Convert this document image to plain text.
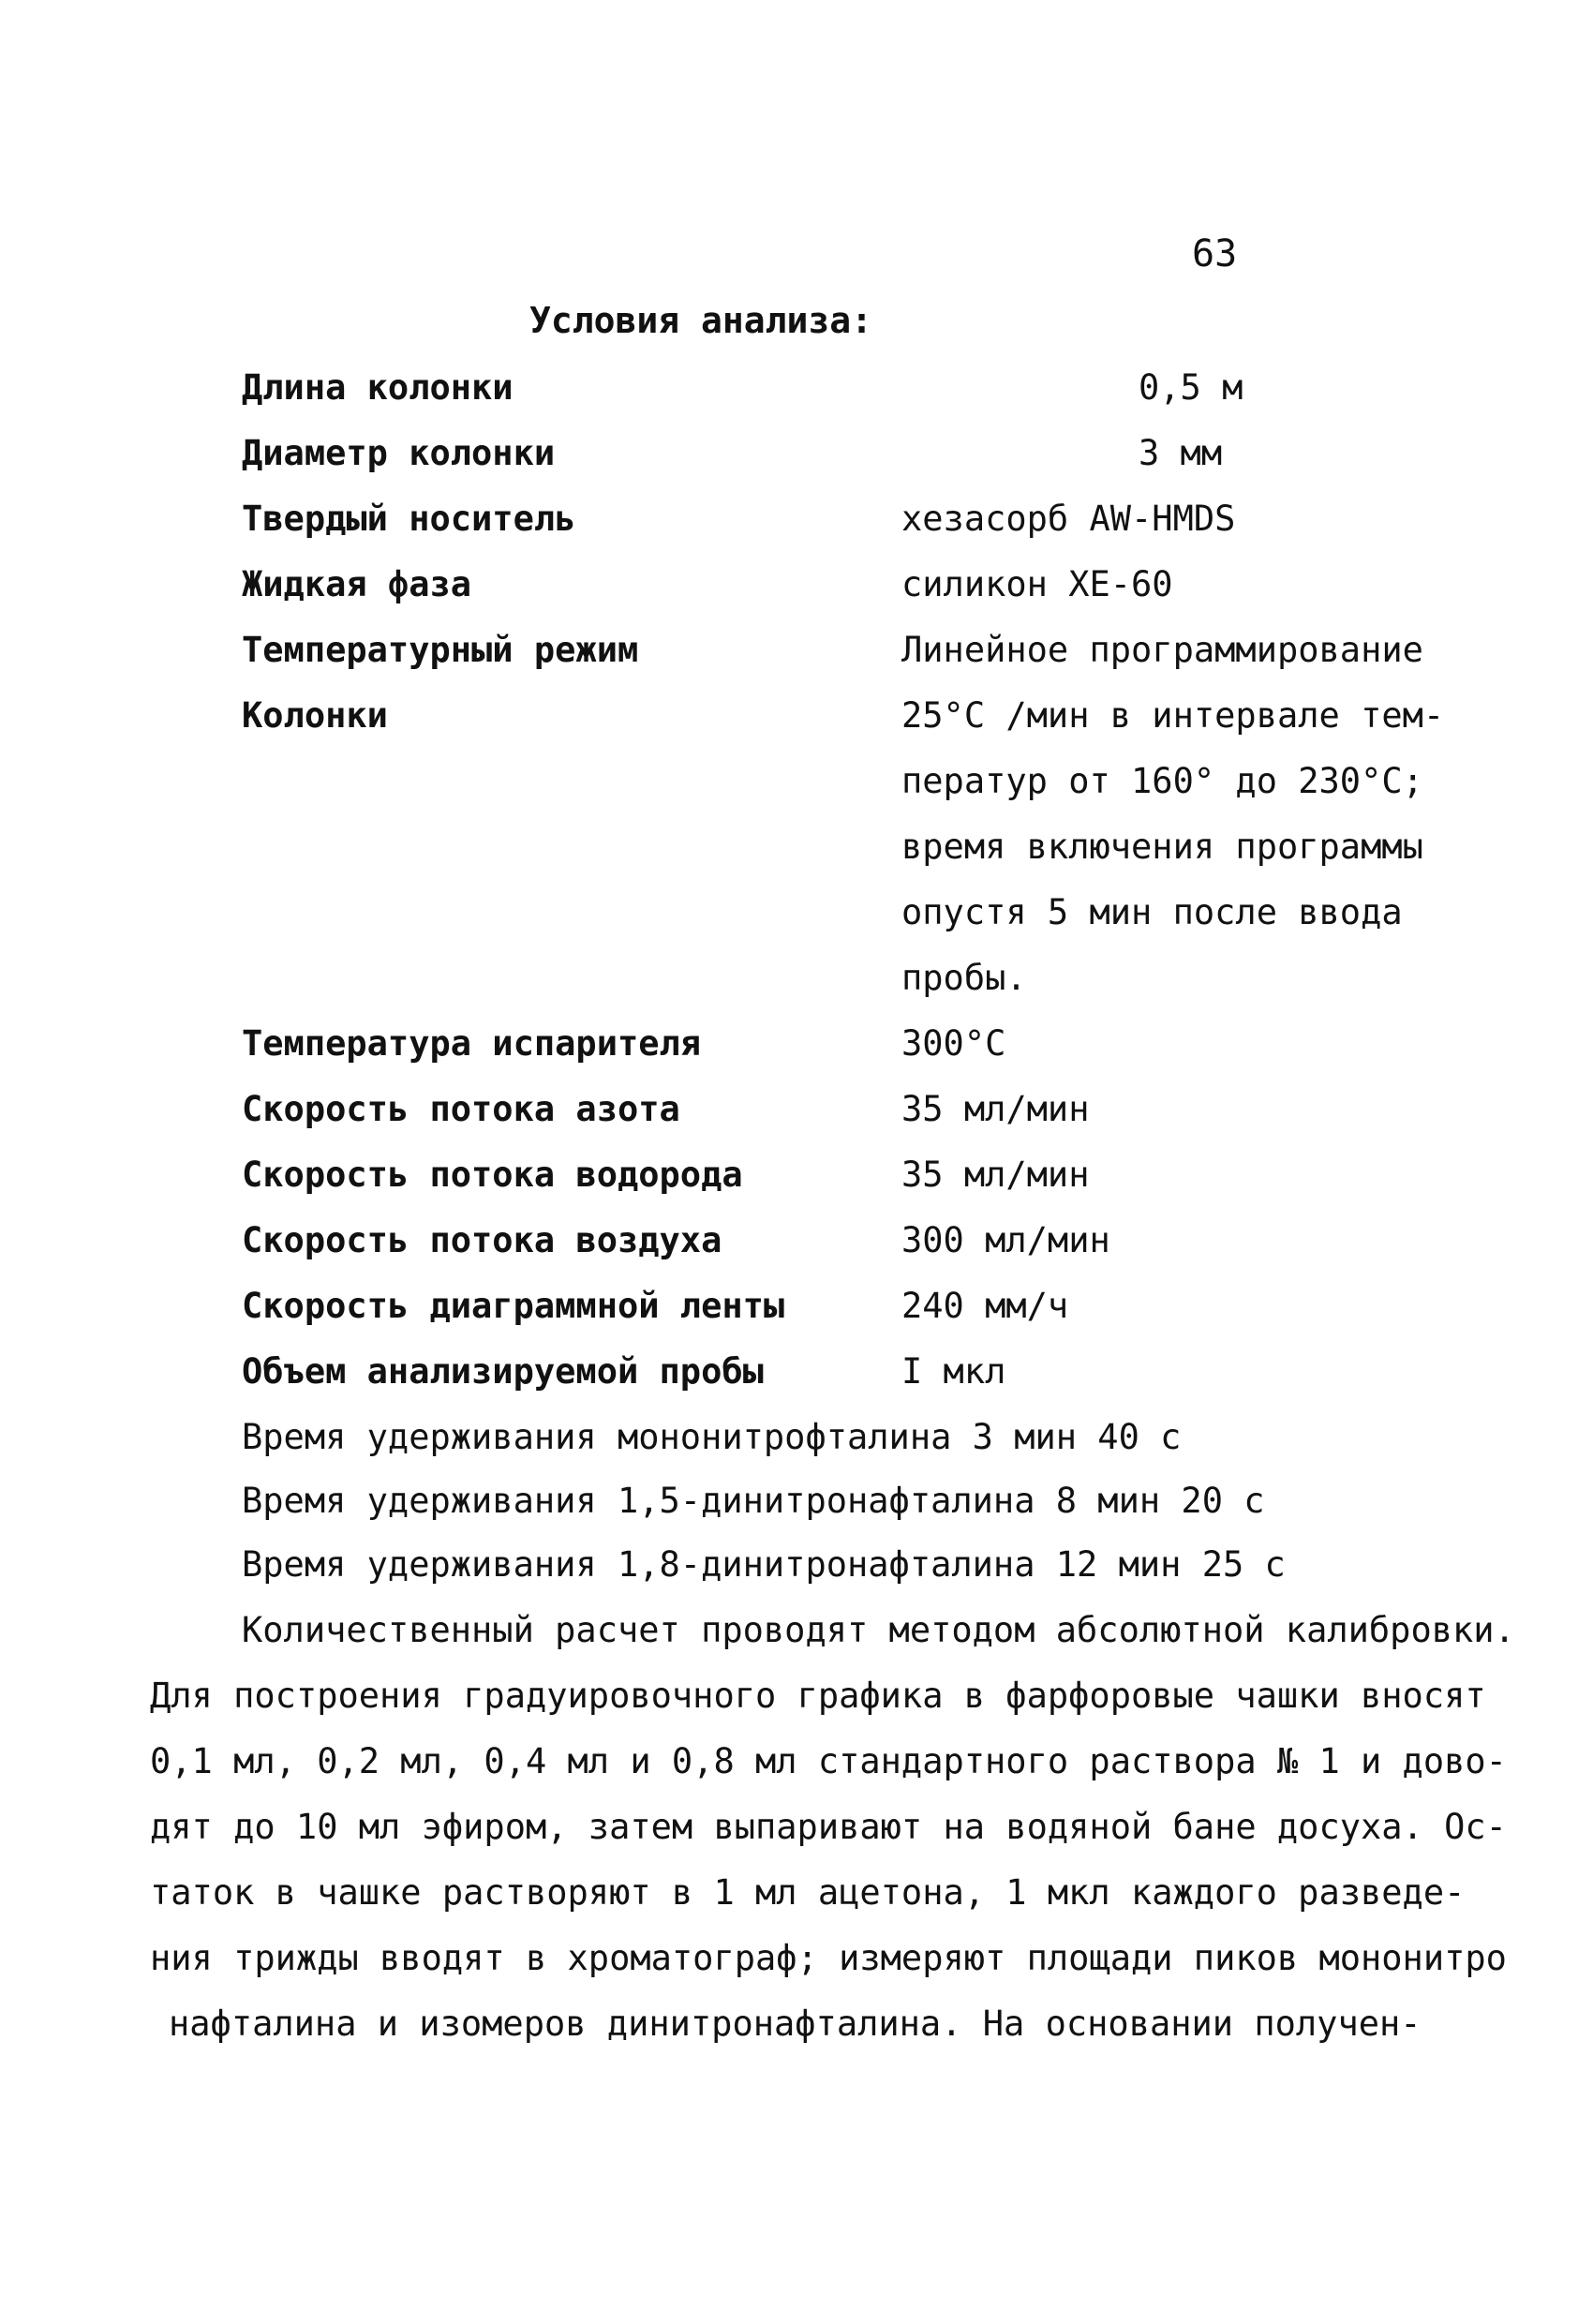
63
Условия анализа:
Длина колонки	0,5 м
Диаметр колонки	3 мм
Твердый носитель	хезасорб AW-HMDS
Жидкая фаза	силикон ХЕ-60
Температурный режим	Линейное программирование
Колонки	25°С /мин в интервале тем-
ператур от 160° до 230°С;
время включения программы
опустя 5 мин после ввода
пробы.
Температура испарителя	300°С
Скорость потока азота	35 мл/мин
Скорость потока водорода	35 мл/мин
Скорость потока воздуха	300 мл/мин
Скорость диаграммной ленты	240 мм/ч
Объем анализируемой пробы	I мкл
Время удерживания мононитрофталина 3 мин 40 с
Время удерживания 1,5-динитронафталина 8 мин 20 с
Время удерживания 1,8-динитронафталина 12 мин 25 с
Количественный расчет проводят методом абсолютной калибровки.
Для построения градуировочного графика в фарфоровые чашки вносят
0,1 мл, 0,2 мл, 0,4 мл и 0,8 мл стандартного раствора № 1 и дово-
дят до 10 мл эфиром, затем выпаривают на водяной бане досуха. Ос-
таток в чашке растворяют в 1 мл ацетона, 1 мкл каждого разведе-
ния трижды вводят в хроматограф; измеряют площади пиков мононитро
нафталина и изомеров динитронафталина. На основании получен-
